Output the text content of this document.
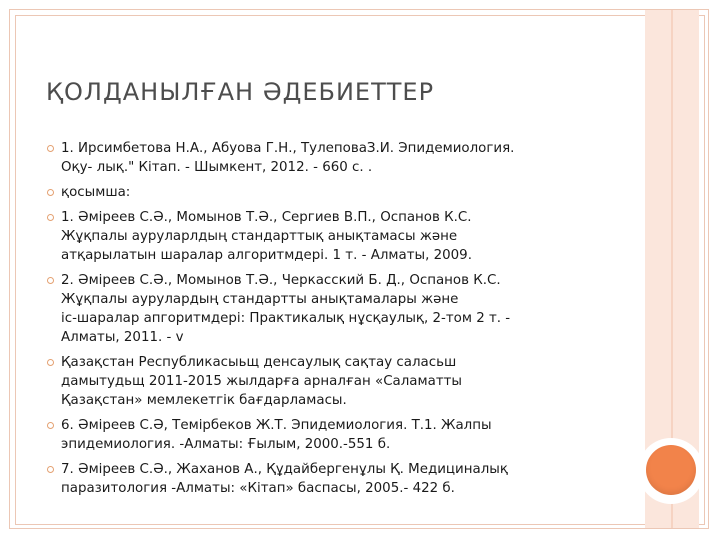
ҚОЛДАНЫЛҒАН ӘДЕБИЕТТЕР
1. Ирсимбетова Н.А., Абуова Г.Н., ТулеповаЗ.И. Эпидемиология.
Оқу- лық." Кітап. - Шымкент, 2012. - 660 с. .
қосымша:
1. Әміреев С.Ә., Момынов Т.Ә., Сергиев В.П., Оспанов К.С.
Жұқпалы ауруларлдың стандарттық анықтамасы және
атқарылатын шаралар алгоритмдері. 1 т. - Алматы, 2009.
2. Әміреев С.Ә., Момынов Т.Ә., Черкасский Б. Д., Оспанов К.С.
Жұқпалы аурулардың стандартты анықтамалары және
іс-шаралар апгоритмдері: Практикалық нұсқаулық, 2-том 2 т. -
Алматы, 2011. - v
Қазақстан Республикасыьщ денсаулық сақтау саласьш
дамытудьщ 2011-2015 жылдарға арналған «Саламатты
Қазақстан» мемлекетгік бағдарламасы.
6. Әміреев С.Ә, Темірбеков Ж.Т. Эпидемиология. Т.1. Жалпы
эпидемиология. -Алматы: Ғылым, 2000.-551 б.
7. Әміреев С.Ә., Жаханов А., Құдайбергенұлы Қ. Медициналық
паразитология -Алматы: «Кітап» баспасы, 2005.- 422 б.
